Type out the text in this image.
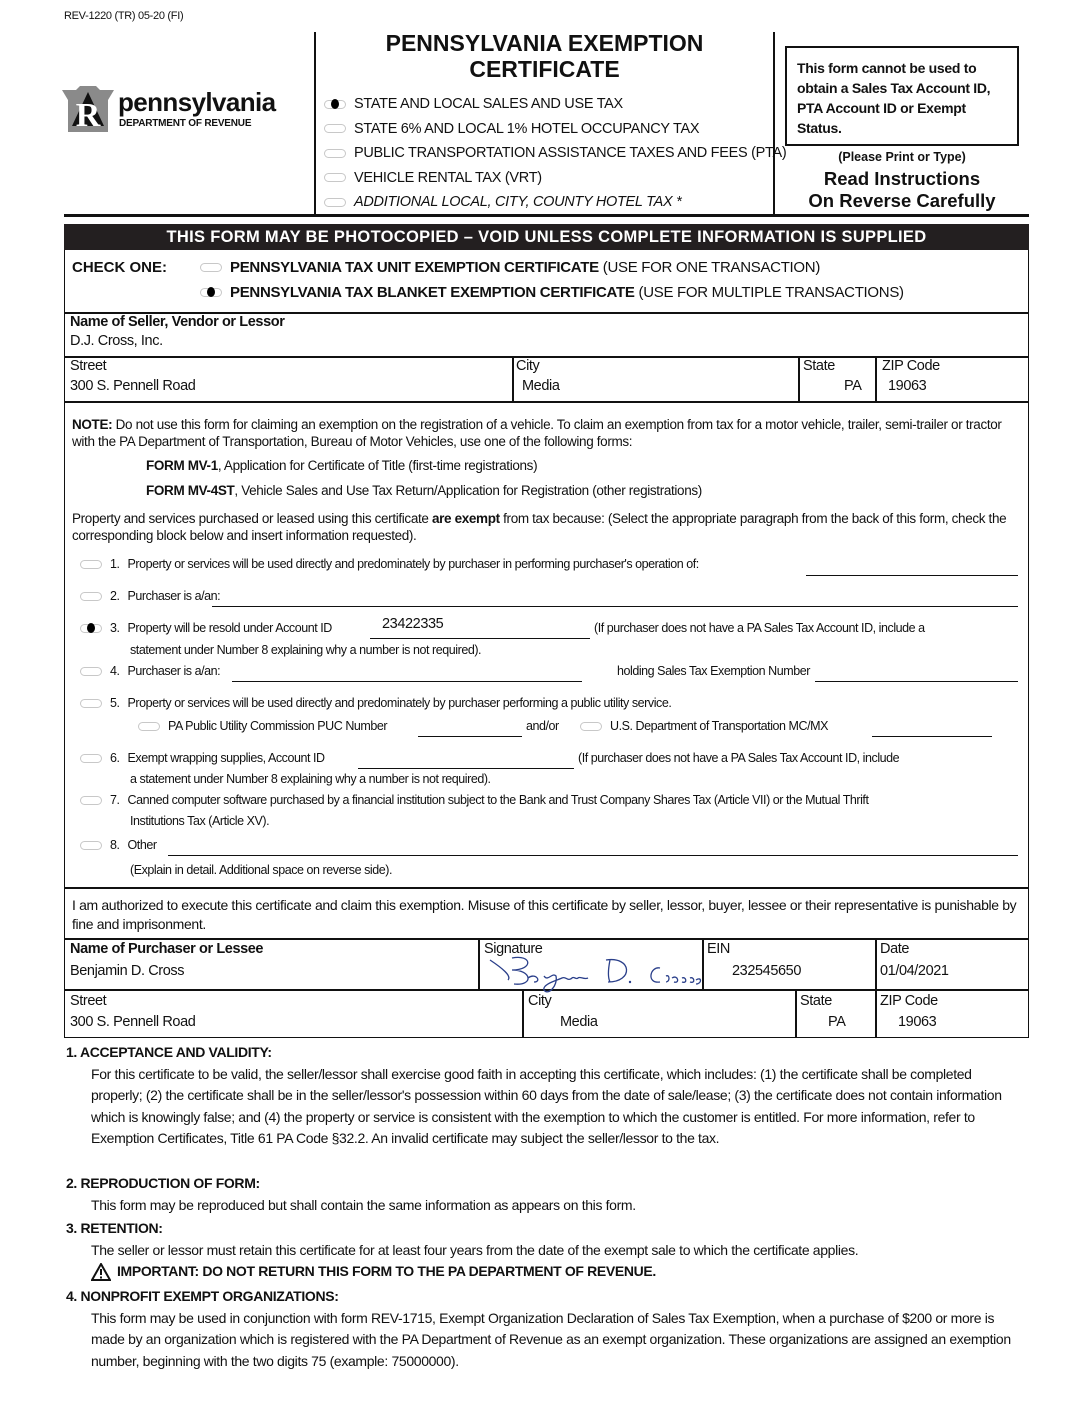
REV-1220 (TR) 05-20 (FI)
R pennsylvania
DEPARTMENT OF REVENUE
PENNSYLVANIA EXEMPTION
CERTIFICATE
STATE AND LOCAL SALES AND USE TAX
STATE 6% AND LOCAL 1% HOTEL OCCUPANCY TAX
PUBLIC TRANSPORTATION ASSISTANCE TAXES AND FEES (PTA)
VEHICLE RENTAL TAX (VRT)
ADDITIONAL LOCAL, CITY, COUNTY HOTEL TAX *
This form cannot be used to obtain a Sales Tax Account ID, PTA Account ID or Exempt Status.
(Please Print or Type)
Read Instructions
On Reverse Carefully
THIS FORM MAY BE PHOTOCOPIED – VOID UNLESS COMPLETE INFORMATION IS SUPPLIED
CHECK ONE:	PENNSYLVANIA TAX UNIT EXEMPTION CERTIFICATE (USE FOR ONE TRANSACTION)
PENNSYLVANIA TAX BLANKET EXEMPTION CERTIFICATE (USE FOR MULTIPLE TRANSACTIONS)
Name of Seller, Vendor or Lessor
D.J. Cross, Inc.
Street
300 S. Pennell Road
City
Media
State
PA
ZIP Code
19063
NOTE: Do not use this form for claiming an exemption on the registration of a vehicle. To claim an exemption from tax for a motor vehicle, trailer, semi-trailer or tractor with the PA Department of Transportation, Bureau of Motor Vehicles, use one of the following forms:
FORM MV-1, Application for Certificate of Title (first-time registrations)
FORM MV-4ST, Vehicle Sales and Use Tax Return/Application for Registration (other registrations)
Property and services purchased or leased using this certificate are exempt from tax because: (Select the appropriate paragraph from the back of this form, check the corresponding block below and insert information requested).
1. Property or services will be used directly and predominately by purchaser in performing purchaser's operation of:
2. Purchaser is a/an:
3. Property will be resold under Account ID	23422335	(If purchaser does not have a PA Sales Tax Account ID, include a
statement under Number 8 explaining why a number is not required).
4. Purchaser is a/an:	holding Sales Tax Exemption Number
5. Property or services will be used directly and predominately by purchaser performing a public utility service.
PA Public Utility Commission PUC Number	and/or	U.S. Department of Transportation MC/MX
6. Exempt wrapping supplies, Account ID	(If purchaser does not have a PA Sales Tax Account ID, include
a statement under Number 8 explaining why a number is not required).
7. Canned computer software purchased by a financial institution subject to the Bank and Trust Company Shares Tax (Article VII) or the Mutual Thrift
Institutions Tax (Article XV).
8. Other
(Explain in detail. Additional space on reverse side).
I am authorized to execute this certificate and claim this exemption. Misuse of this certificate by seller, lessor, buyer, lessee or their representative is punishable by fine and imprisonment.
Name of Purchaser or Lessee
Benjamin D. Cross
Signature	EIN
232545650
Date
01/04/2021
Street
300 S. Pennell Road
City
Media
State
PA
ZIP Code
19063
1. ACCEPTANCE AND VALIDITY:
For this certificate to be valid, the seller/lessor shall exercise good faith in accepting this certificate, which includes: (1) the certificate shall be completed properly; (2) the certificate shall be in the seller/lessor's possession within 60 days from the date of sale/lease; (3) the certificate does not contain information which is knowingly false; and (4) the property or service is consistent with the exemption to which the customer is entitled. For more information, refer to Exemption Certificates, Title 61 PA Code §32.2. An invalid certificate may subject the seller/lessor to the tax.
2. REPRODUCTION OF FORM:
This form may be reproduced but shall contain the same information as appears on this form.
3. RETENTION:
The seller or lessor must retain this certificate for at least four years from the date of the exempt sale to which the certificate applies.
IMPORTANT: DO NOT RETURN THIS FORM TO THE PA DEPARTMENT OF REVENUE.
4. NONPROFIT EXEMPT ORGANIZATIONS:
This form may be used in conjunction with form REV-1715, Exempt Organization Declaration of Sales Tax Exemption, when a purchase of $200 or more is made by an organization which is registered with the PA Department of Revenue as an exempt organization. These organizations are assigned an exemption number, beginning with the two digits 75 (example: 75000000).
